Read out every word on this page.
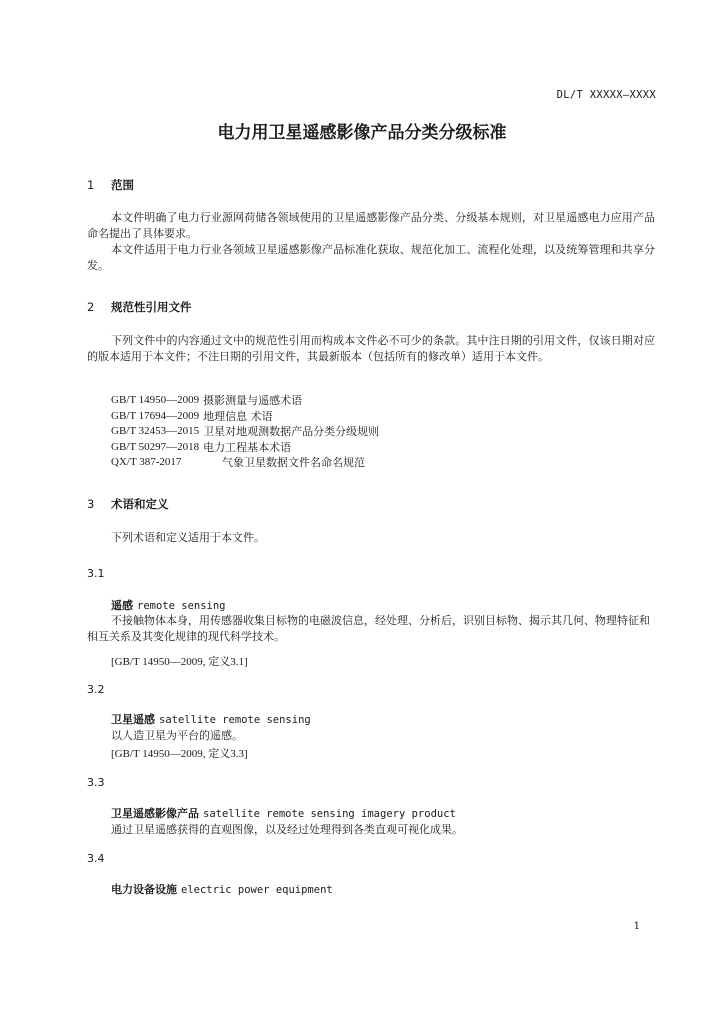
DL/T XXXXX—XXXX
电力用卫星遥感影像产品分类分级标准
1 范围
本文件明确了电力行业源网荷储各领域使用的卫星遥感影像产品分类、分级基本规则，对卫星遥感电力应用产品命名提出了具体要求。
本文件适用于电力行业各领域卫星遥感影像产品标准化获取、规范化加工、流程化处理，以及统筹管理和共享分发。
2 规范性引用文件
下列文件中的内容通过文中的规范性引用而构成本文件必不可少的条款。其中注日期的引用文件，仅该日期对应的版本适用于本文件；不注日期的引用文件，其最新版本（包括所有的修改单）适用于本文件。
GB/T 14950—2009 摄影测量与遥感术语
GB/T 17694—2009 地理信息 术语
GB/T 32453—2015 卫星对地观测数据产品分类分级规则
GB/T 50297—2018 电力工程基本术语
QX/T 387-2017	气象卫星数据文件名命名规范
3 术语和定义
下列术语和定义适用于本文件。
3.1
遥感 remote sensing
不接触物体本身，用传感器收集目标物的电磁波信息，经处理、分析后，识别目标物、揭示其几何、物理特征和相互关系及其变化规律的现代科学技术。
[GB/T 14950—2009, 定义3.1]
3.2
卫星遥感 satellite remote sensing
以人造卫星为平台的遥感。
[GB/T 14950—2009, 定义3.3]
3.3
卫星遥感影像产品 satellite remote sensing imagery product
通过卫星遥感获得的直观图像，以及经过处理得到各类直观可视化成果。
3.4
电力设备设施 electric power equipment
1
